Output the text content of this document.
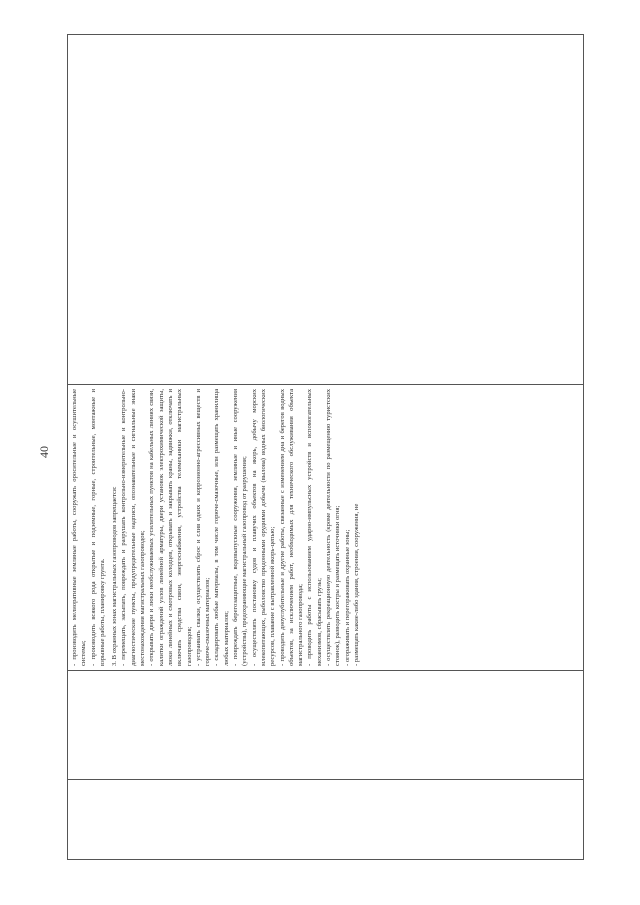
40
			- производить мелиоративные земляные работы, сооружать оросительные и осушительные системы; - производить всякого рода открытые и подземные, горные, строительные, монтажные и взрывные работы, планировку грунта. 3. В охранных зонах магистральных газопроводов запрещается: - перемещать, засыпать, повреждать и разрушать контрольно-измерительные и контрольно-диагностические пункты, предупредительные надписи, опознавательные и сигнальные знаки местонахождения магистральных газопроводов; - открывать двери и люки необслуживаемых усилительных пунктов на кабельных линиях связи, калитки ограждений узлов линейной арматуры, двери установок электрохимической защиты, люки линейных и смотровых колодцев, открывать и закрывать краны, задвижки, отключать и включать средства связи, энергоснабжения, устройства телемеханики магистральных газопроводов; - устраивать свалки, осуществлять сброс и слив едких и коррозионно-агрессивных веществ и горюче-смазочных материалов; - складировать любые материалы, в том числе горюче-смазочные, или размещать хранилища любых материалов; - повреждать берегозащитные, водовыпускные сооружения, земляные и иные сооружения (устройства), предохраняющие магистральный газопровод от разрушения; - осуществлять постановку судов и плавучих объектов на якорь, добычу морских млекопитающих, рыболовство придонными орудиями добычи (вылова) водных биологических ресурсов, плавание с вытравленной якорь-цепью; - проводить дноуглубительные и другие работы, связанные с изменением дна и берегов водных объектов, за исключением работ, необходимых для технического обслуживания объекта магистрального газопровода; - проводить работы с использованием ударно-импульсных устройств и вспомогательных механизмов, сбрасывать грузы; - осуществлять рекреационную деятельность (кроме деятельности по размещению туристских стоянок), разводить костры и размещать источники огня; - огораживать и перегораживать охранные зоны; - размещать какие-либо здания, строения, сооружения, не
